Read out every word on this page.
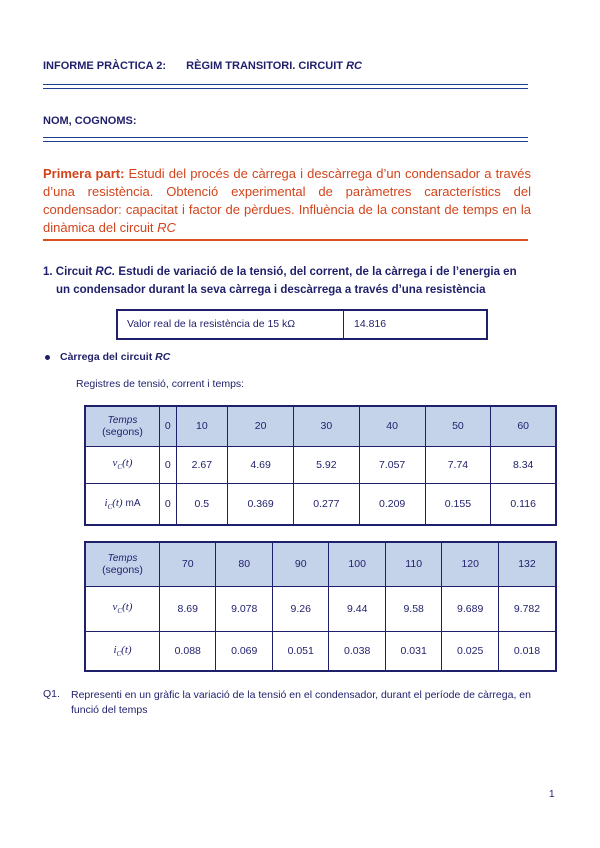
INFORME PRÀCTICA 2: RÈGIM TRANSITORI. CIRCUIT RC
NOM, COGNOMS:
Primera part: Estudi del procés de càrrega i descàrrega d’un condensador a través d’una resistència. Obtenció experimental de paràmetres característics del condensador: capacitat i factor de pèrdues. Influència de la constant de temps en la dinàmica del circuit RC
1. Circuit RC. Estudi de variació de la tensió, del corrent, de la càrrega i de l’energia en
un condensador durant la seva càrrega i descàrrega a través d’una resistència
Valor real de la resistència de 15 kΩ	14.816
Càrrega del circuit RC
Registres de tensió, corrent i temps:
Temps
(segons)	0	10	20	30	40	50	60
$v_C(t)$	0	2.67	4.69	5.92	7.057	7.74	8.34
$i_C(t)$ mA	0	0.5	0.369	0.277	0.209	0.155	0.116
Temps
(segons)	70	80	90	100	110	120	132
$v_C(t)$	8.69	9.078	9.26	9.44	9.58	9.689	9.782
$i_C(t)$	0.088	0.069	0.051	0.038	0.031	0.025	0.018
Q1. Representi en un gràfic la variació de la tensió en el condensador, durant el període de càrrega, en
funció del temps
1
